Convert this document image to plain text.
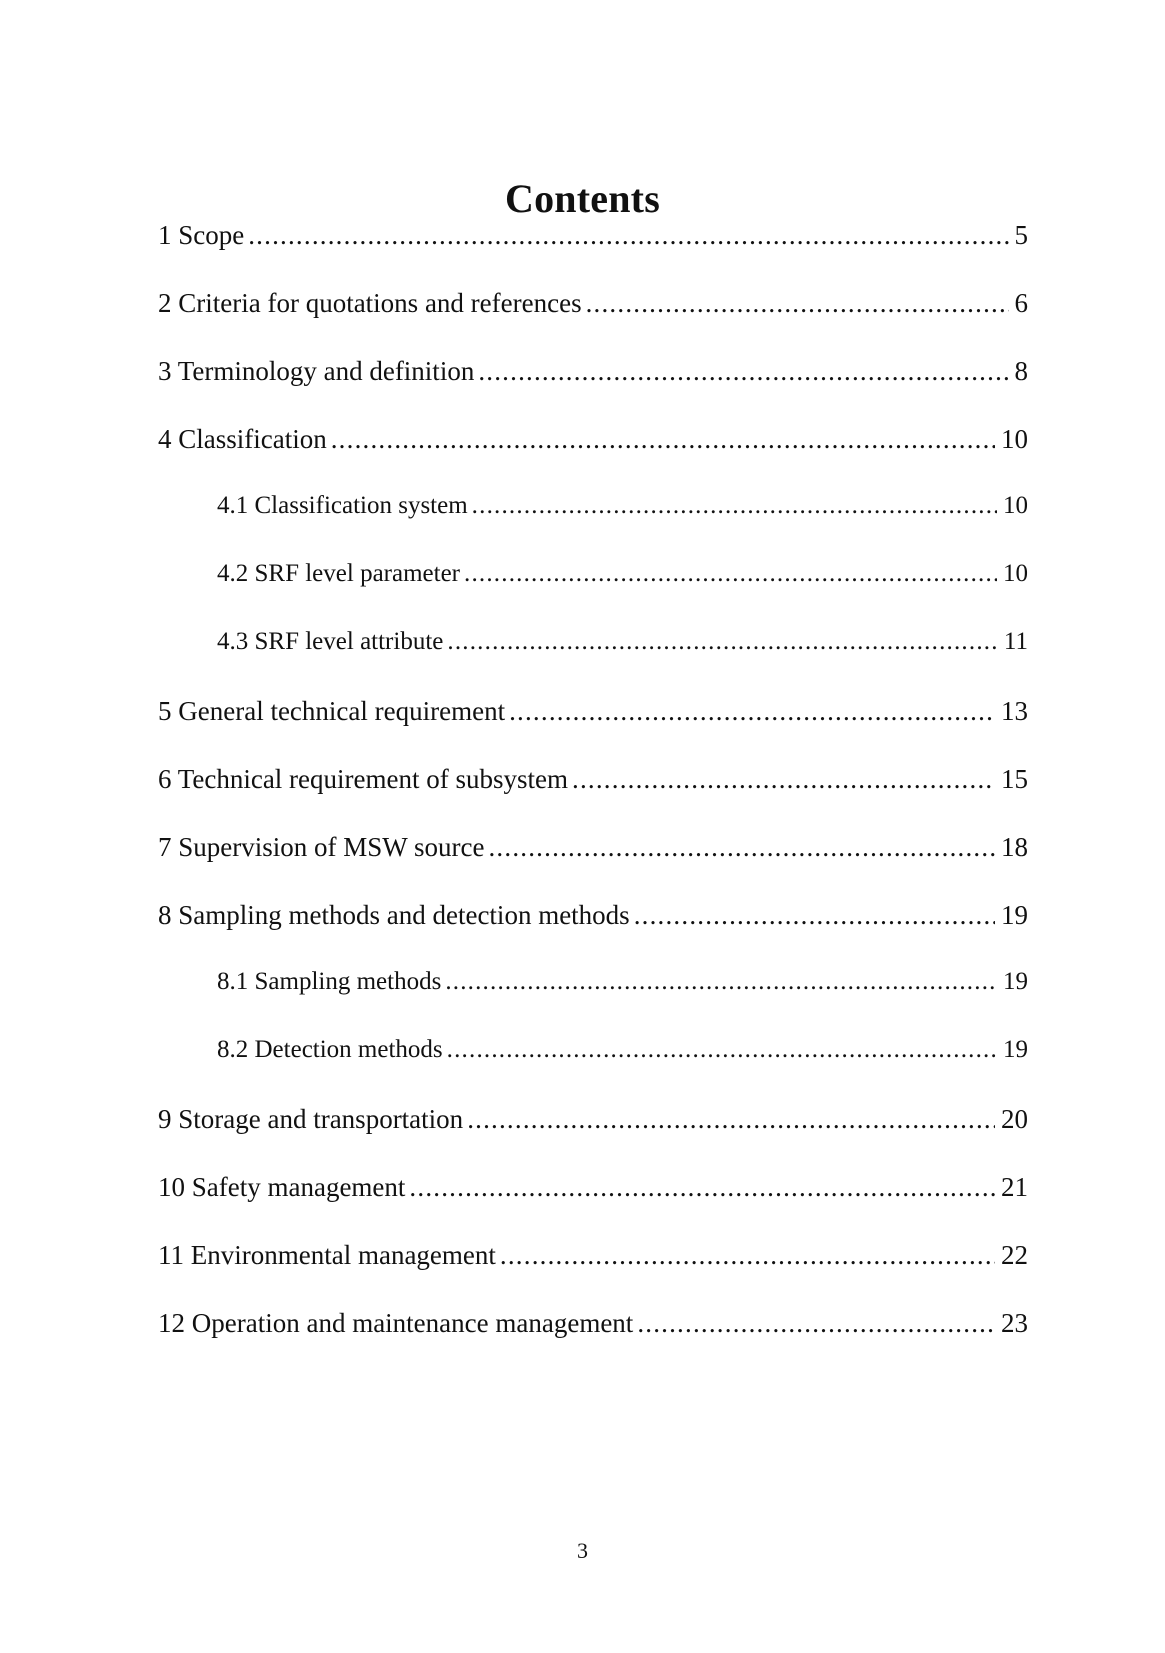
Contents
1 Scope .....	5
2 Criteria for quotations and references .....	6
3 Terminology and definition .....	8
4 Classification .....	10
4.1 Classification system .....	10
4.2 SRF level parameter .....	10
4.3 SRF level attribute .....	11
5 General technical requirement .....	13
6 Technical requirement of subsystem .....	15
7 Supervision of MSW source .....	18
8 Sampling methods and detection methods .....	19
8.1 Sampling methods .....	19
8.2 Detection methods .....	19
9 Storage and transportation .....	20
10 Safety management .....	21
11 Environmental management .....	22
12 Operation and maintenance management .....	23
3
